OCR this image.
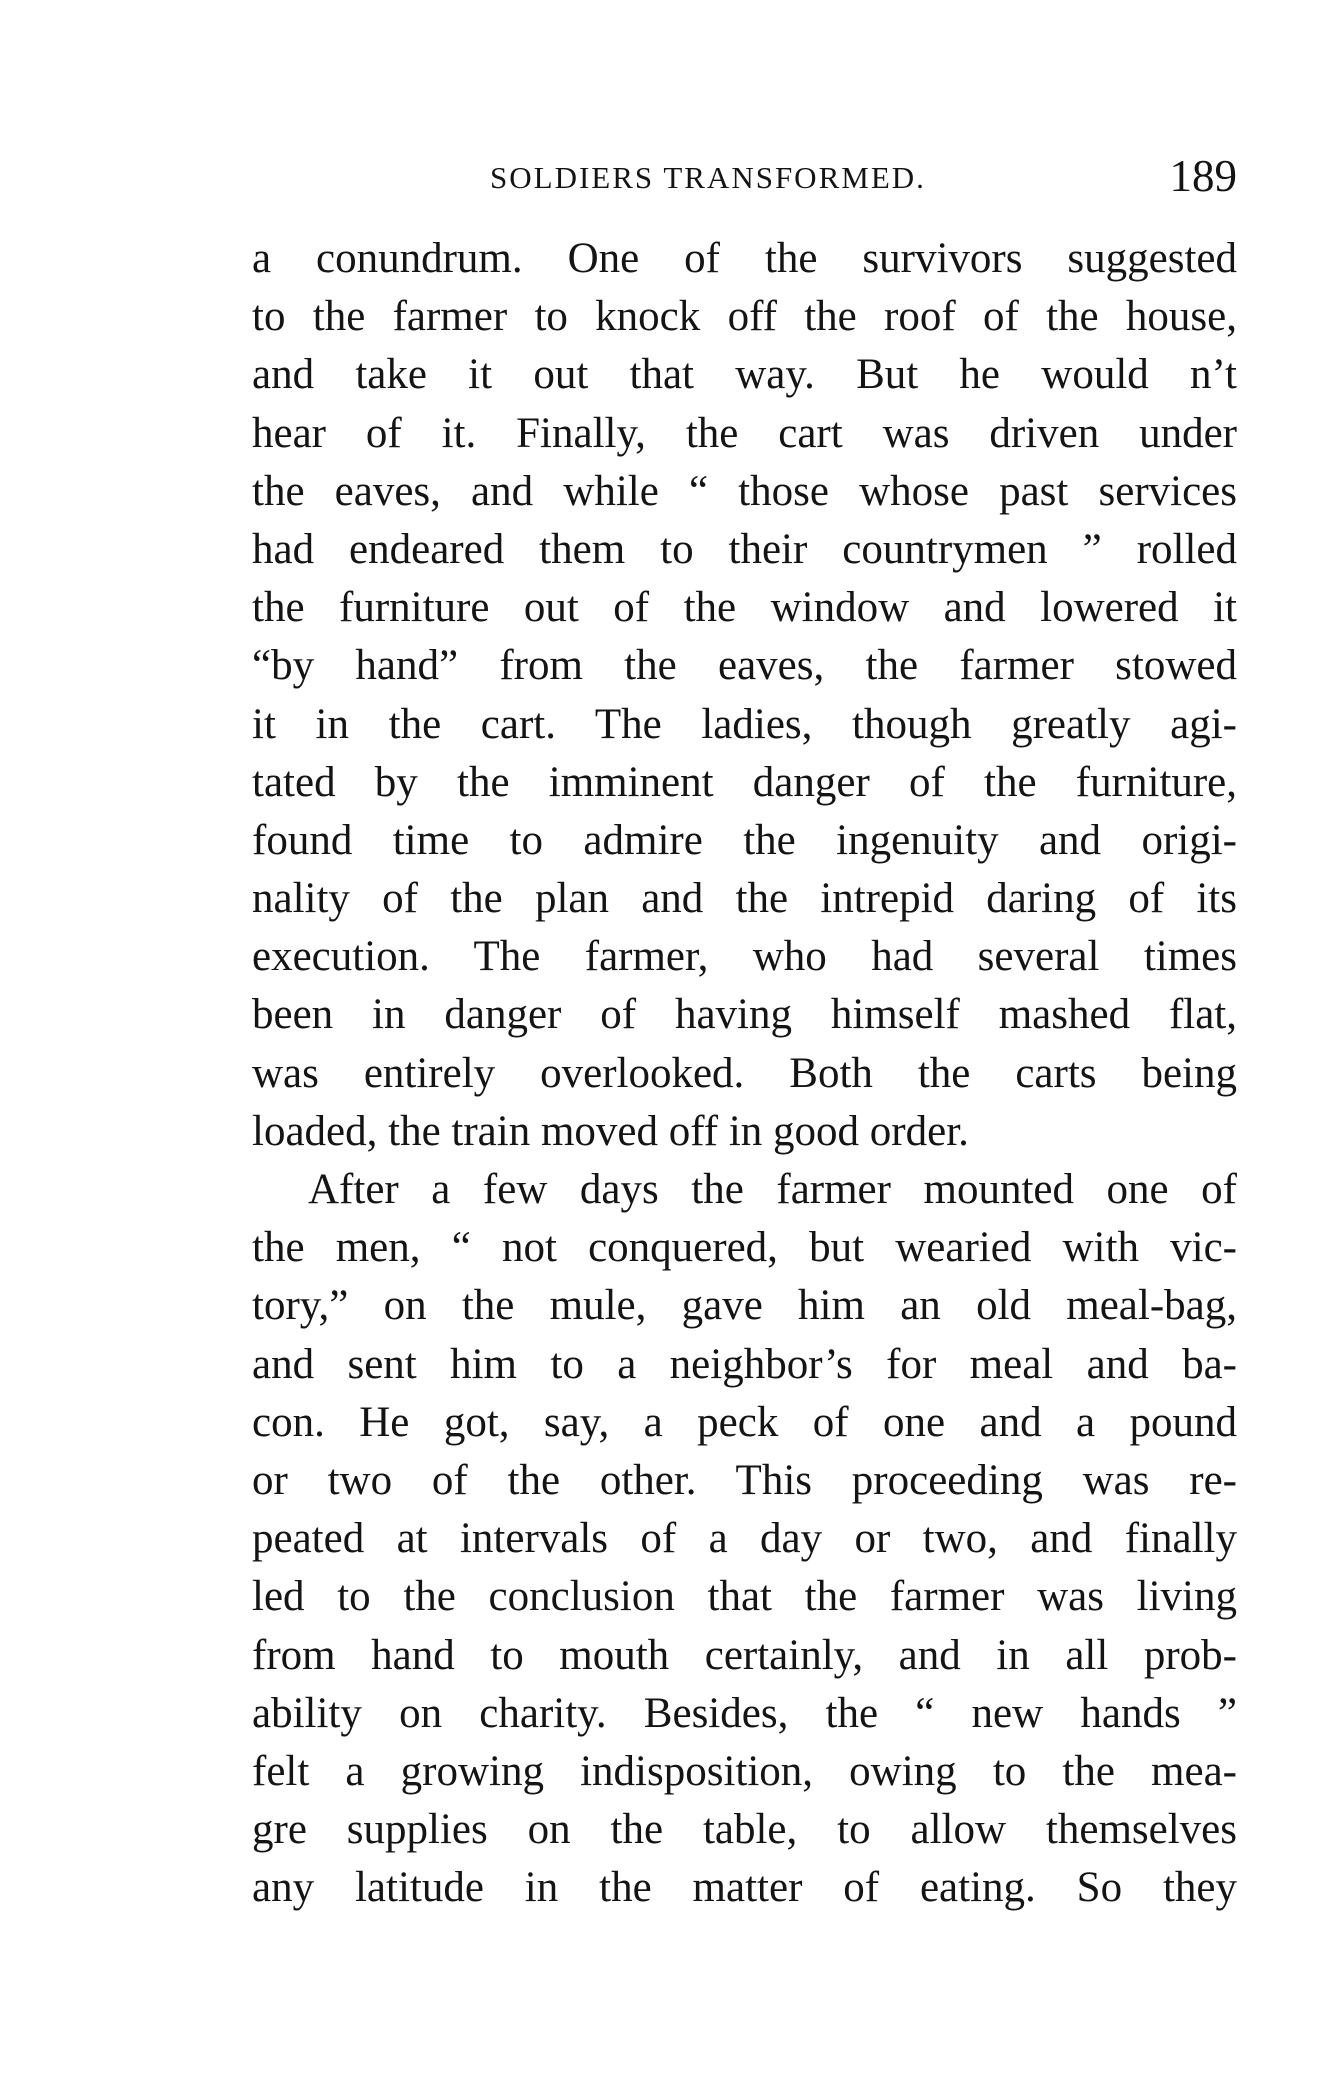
SOLDIERS TRANSFORMED.	189
a conundrum. One of the survivors suggested
to the farmer to knock off the roof of the house,
and take it out that way. But he would n’t
hear of it. Finally, the cart was driven under
the eaves, and while “ those whose past services
had endeared them to their countrymen ” rolled
the furniture out of the window and lowered it
“by hand” from the eaves, the farmer stowed
it in the cart. The ladies, though greatly agi-
tated by the imminent danger of the furniture,
found time to admire the ingenuity and origi-
nality of the plan and the intrepid daring of its
execution. The farmer, who had several times
been in danger of having himself mashed flat,
was entirely overlooked. Both the carts being
loaded, the train moved off in good order.
After a few days the farmer mounted one of
the men, “ not conquered, but wearied with vic-
tory,” on the mule, gave him an old meal-bag,
and sent him to a neighbor’s for meal and ba-
con. He got, say, a peck of one and a pound
or two of the other. This proceeding was re-
peated at intervals of a day or two, and finally
led to the conclusion that the farmer was living
from hand to mouth certainly, and in all prob-
ability on charity. Besides, the “ new hands ”
felt a growing indisposition, owing to the mea-
gre supplies on the table, to allow themselves
any latitude in the matter of eating. So they
